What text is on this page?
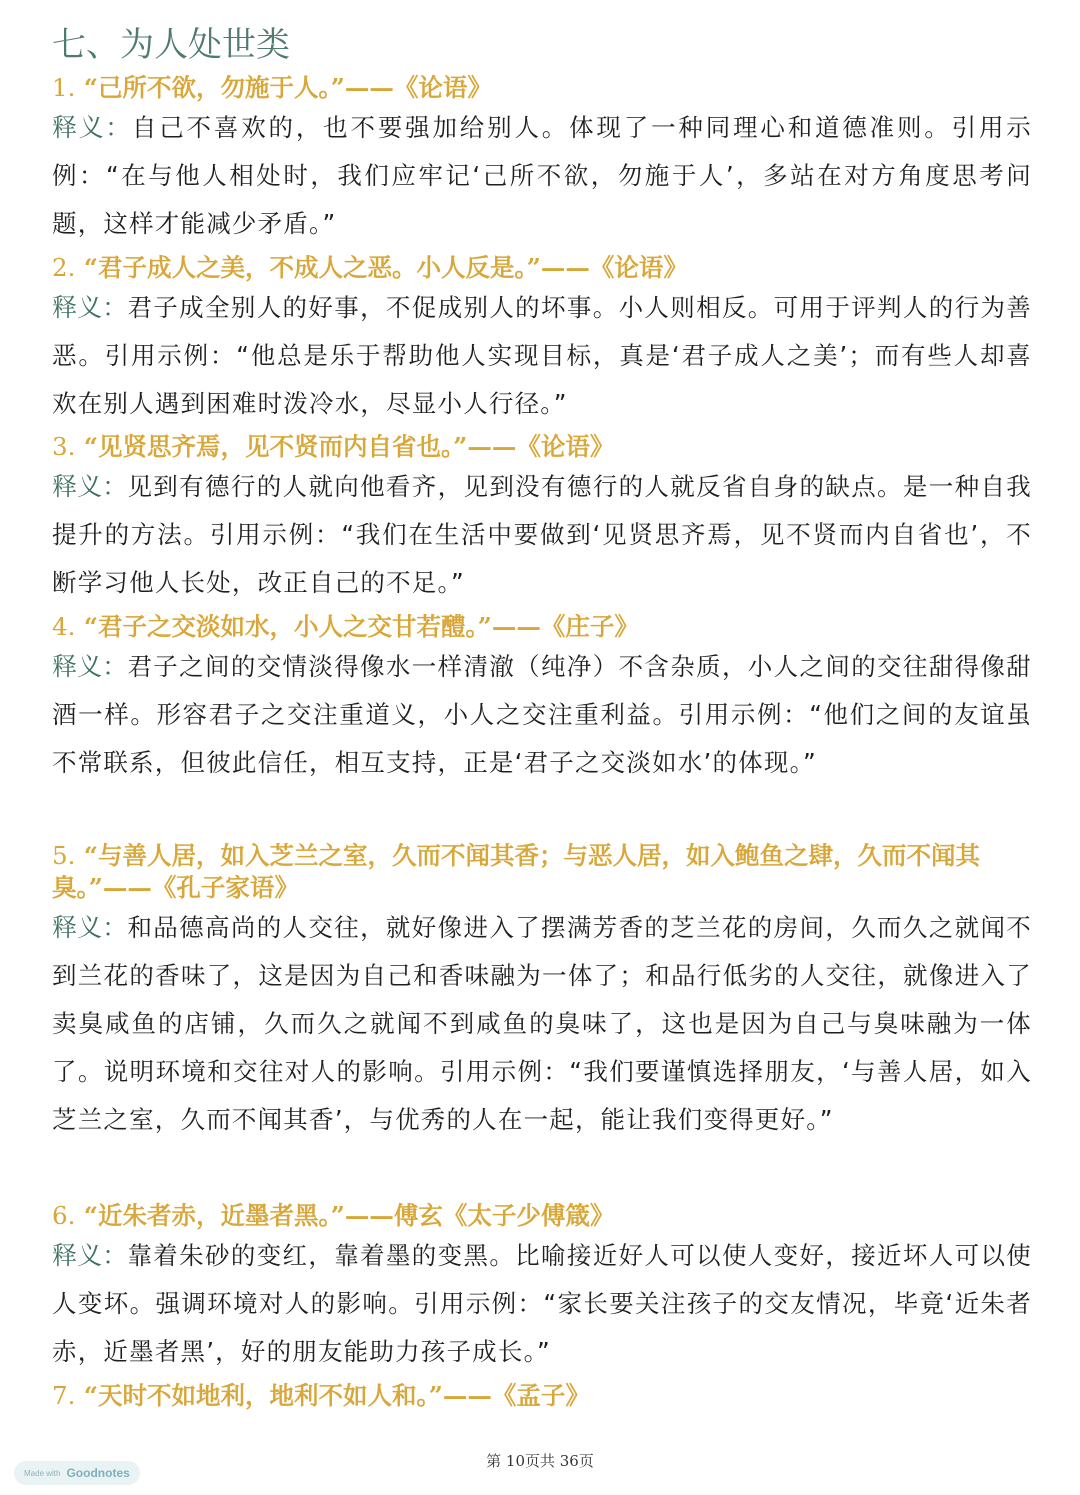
七、为人处世类

1. “己所不欲，勿施于人。”——《论语》

释义：自己不喜欢的，也不要强加给别人。体现了一种同理心和道德准则。引用示例：“在与他人相处时，我们应牢记‘己所不欲，勿施于人’，多站在对方角度思考问题，这样才能减少矛盾。”

2. “君子成人之美，不成人之恶。小人反是。”——《论语》

释义：君子成全别人的好事，不促成别人的坏事。小人则相反。可用于评判人的行为善恶。引用示例：“他总是乐于帮助他人实现目标，真是‘君子成人之美’；而有些人却喜欢在别人遇到困难时泼冷水，尽显小人行径。”

3. “见贤思齐焉，见不贤而内自省也。”——《论语》

释义：见到有德行的人就向他看齐，见到没有德行的人就反省自身的缺点。是一种自我提升的方法。引用示例：“我们在生活中要做到‘见贤思齐焉，见不贤而内自省也’，不断学习他人长处，改正自己的不足。”

4. “君子之交淡如水，小人之交甘若醴。”——《庄子》

释义：君子之间的交情淡得像水一样清澈（纯净）不含杂质，小人之间的交往甜得像甜酒一样。形容君子之交注重道义，小人之交注重利益。引用示例：“他们之间的友谊虽不常联系，但彼此信任，相互支持，正是‘君子之交淡如水’的体现。”

5. “与善人居，如入芝兰之室，久而不闻其香；与恶人居，如入鲍鱼之肆，久而不闻其臭。”——《孔子家语》

释义：和品德高尚的人交往，就好像进入了摆满芳香的芝兰花的房间，久而久之就闻不到兰花的香味了，这是因为自己和香味融为一体了；和品行低劣的人交往，就像进入了卖臭咸鱼的店铺，久而久之就闻不到咸鱼的臭味了，这也是因为自己与臭味融为一体了。说明环境和交往对人的影响。引用示例：“我们要谨慎选择朋友，‘与善人居，如入芝兰之室，久而不闻其香’，与优秀的人在一起，能让我们变得更好。”

6. “近朱者赤，近墨者黑。”——傅玄《太子少傅箴》

释义：靠着朱砂的变红，靠着墨的变黑。比喻接近好人可以使人变好，接近坏人可以使人变坏。强调环境对人的影响。引用示例：“家长要关注孩子的交友情况，毕竟‘近朱者赤，近墨者黑’，好的朋友能助力孩子成长。”

7. “天时不如地利，地利不如人和。”——《孟子》

第 10页共 36页
Made with Goodnotes
